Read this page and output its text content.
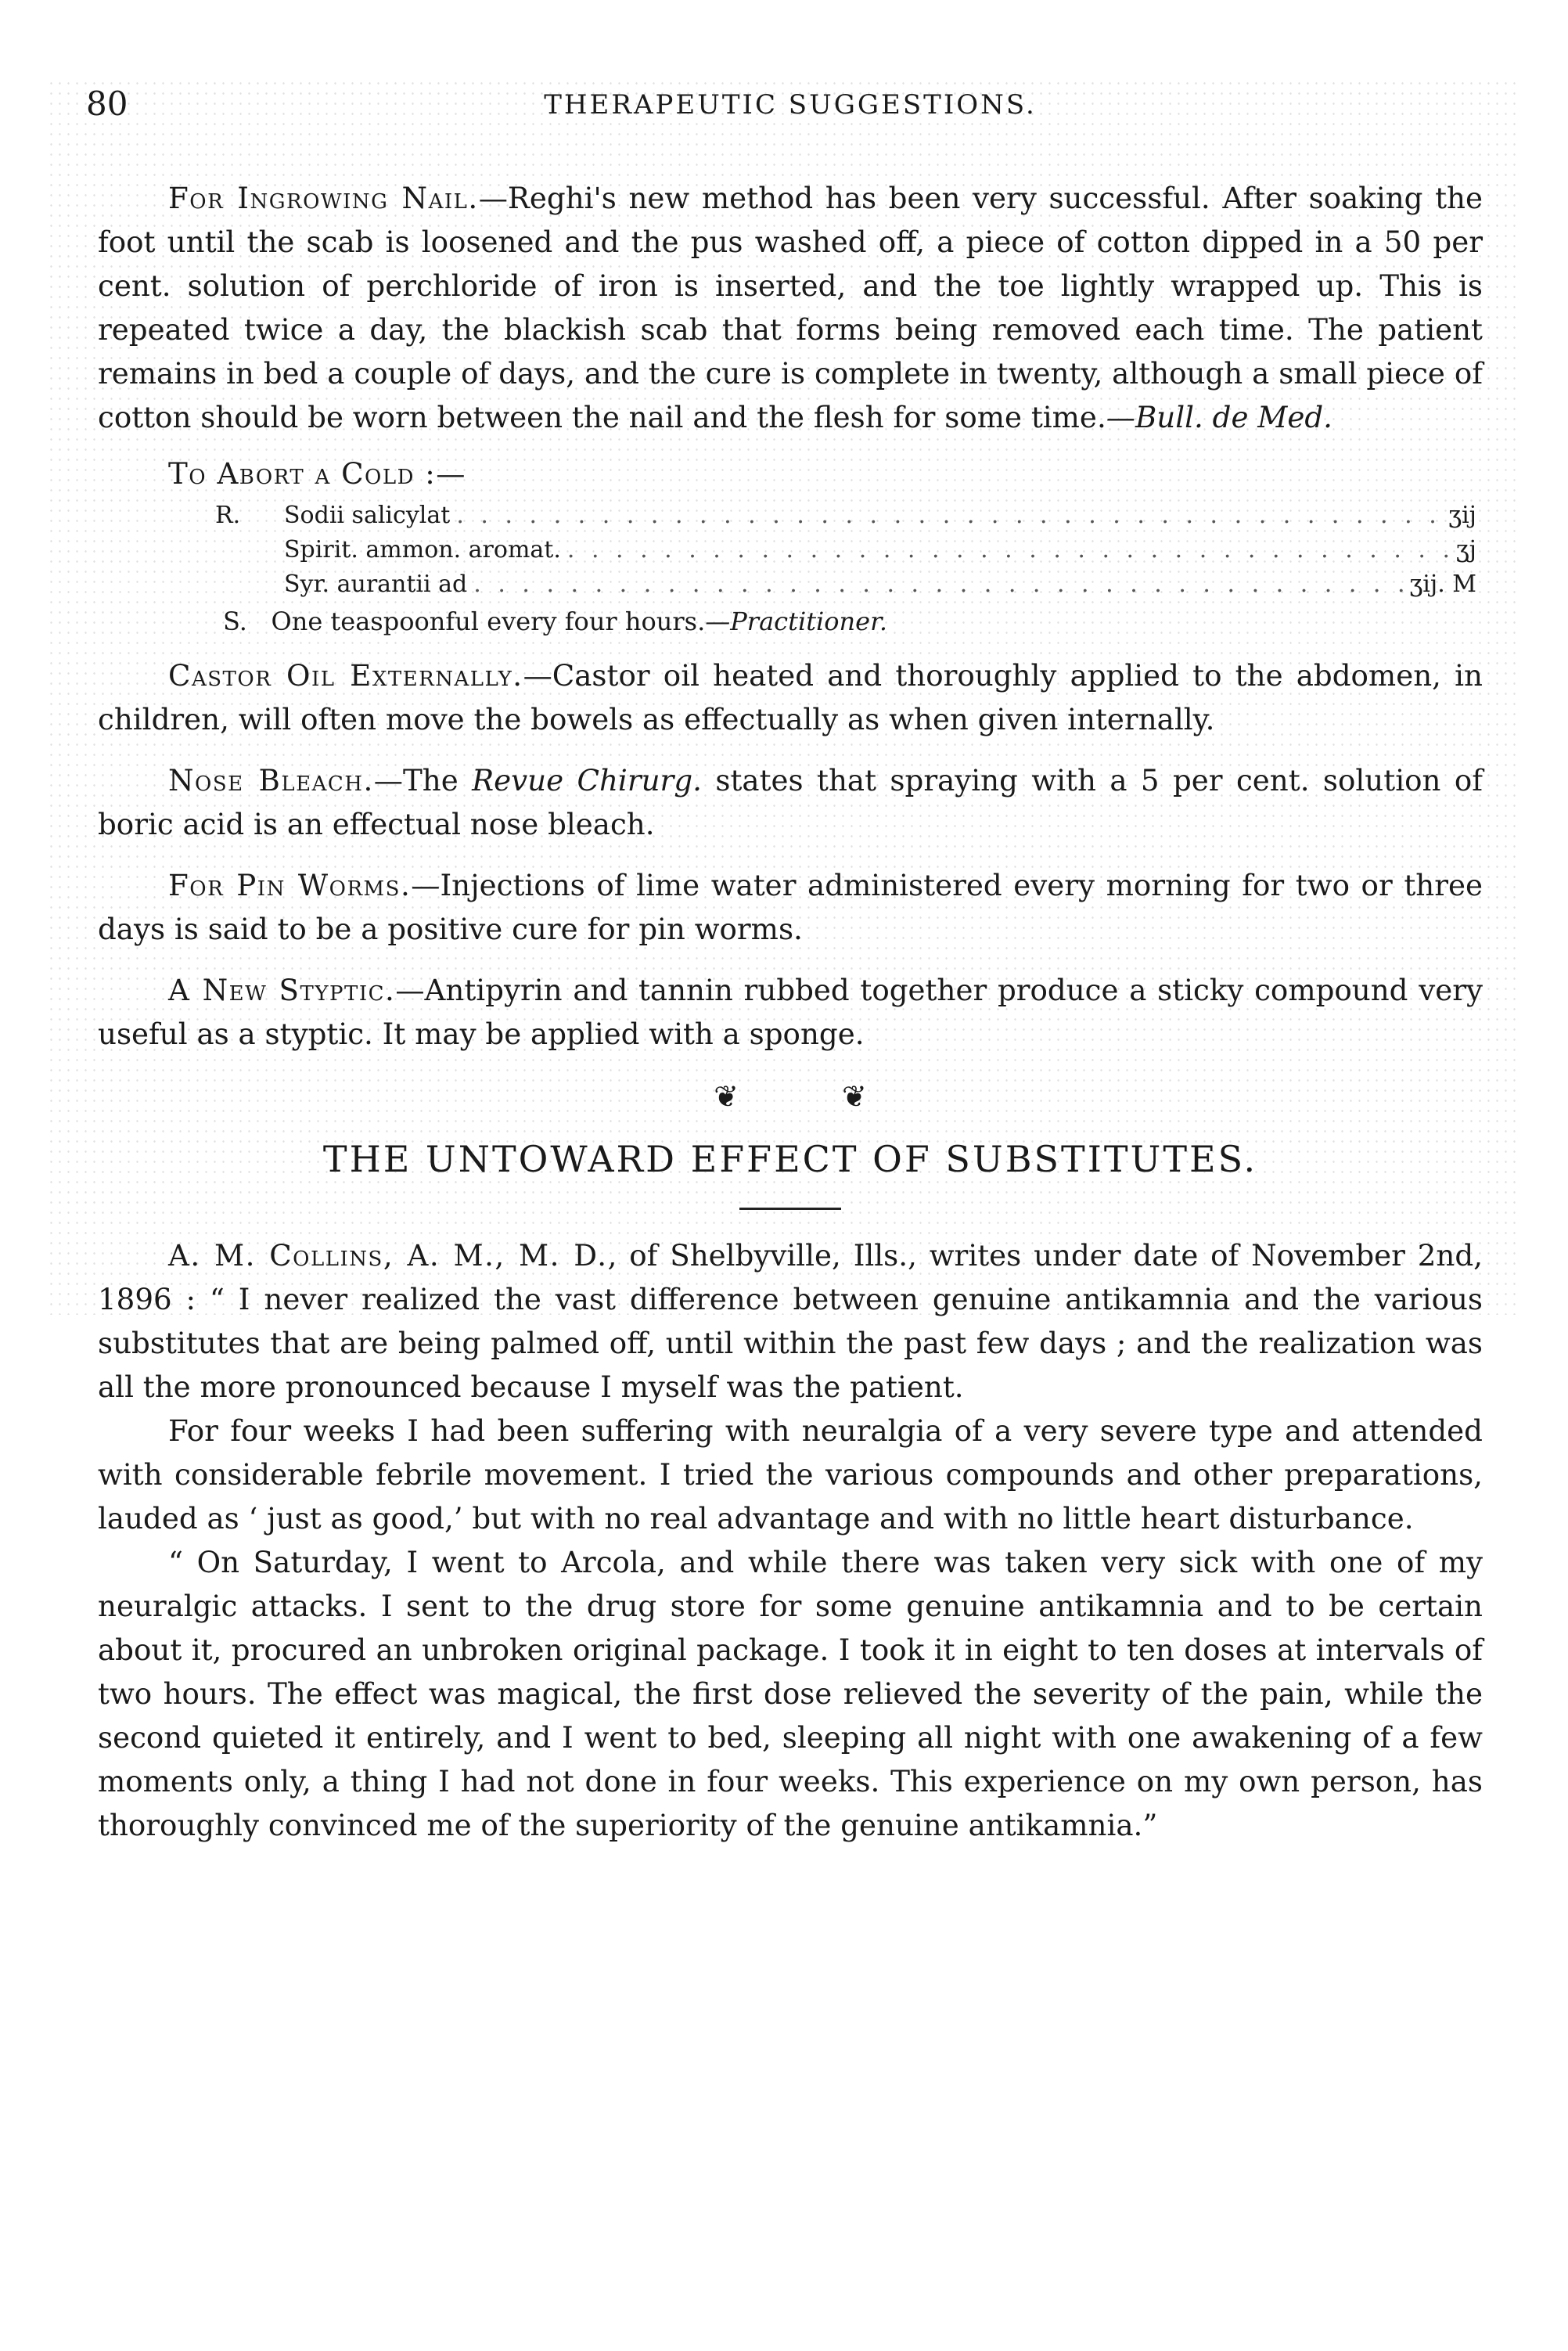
80	THERAPEUTIC SUGGESTIONS.

For Ingrowing Nail.—Reghi's new method has been very successful. After soaking the foot until the scab is loosened and the pus washed off, a piece of cotton dipped in a 50 per cent. solution of perchloride of iron is inserted, and the toe lightly wrapped up. This is repeated twice a day, the blackish scab that forms being removed each time. The patient remains in bed a couple of days, and the cure is complete in twenty, although a small piece of cotton should be worn between the nail and the flesh for some time.—Bull. de Med.

To Abort a Cold :—

R.	Sodii salicylat . . .	ʒij
Spirit. ammon. aromat. . . .	ʒj
Syr. aurantii ad . . .	ʒij. M

S. One teaspoonful every four hours.—Practitioner.

Castor Oil Externally.—Castor oil heated and thoroughly applied to the abdomen, in children, will often move the bowels as effectually as when given internally.

Nose Bleach.—The Revue Chirurg. states that spraying with a 5 per cent. solution of boric acid is an effectual nose bleach.

For Pin Worms.—Injections of lime water administered every morning for two or three days is said to be a positive cure for pin worms.

A New Styptic.—Antipyrin and tannin rubbed together produce a sticky compound very useful as a styptic. It may be applied with a sponge.

❦ ❦
THE UNTOWARD EFFECT OF SUBSTITUTES.

A. M. Collins, A. M., M. D., of Shelbyville, Ills., writes under date of November 2nd, 1896 : “ I never realized the vast difference between genuine antikamnia and the various substitutes that are being palmed off, until within the past few days ; and the realization was all the more pronounced because I myself was the patient.

For four weeks I had been suffering with neuralgia of a very severe type and attended with considerable febrile movement. I tried the various compounds and other preparations, lauded as ‘ just as good,’ but with no real advantage and with no little heart disturbance.

“ On Saturday, I went to Arcola, and while there was taken very sick with one of my neuralgic attacks. I sent to the drug store for some genuine antikamnia and to be certain about it, procured an unbroken original package. I took it in eight to ten doses at intervals of two hours. The effect was magical, the first dose relieved the severity of the pain, while the second quieted it entirely, and I went to bed, sleeping all night with one awakening of a few moments only, a thing I had not done in four weeks. This experience on my own person, has thoroughly convinced me of the superiority of the genuine antikamnia.”
